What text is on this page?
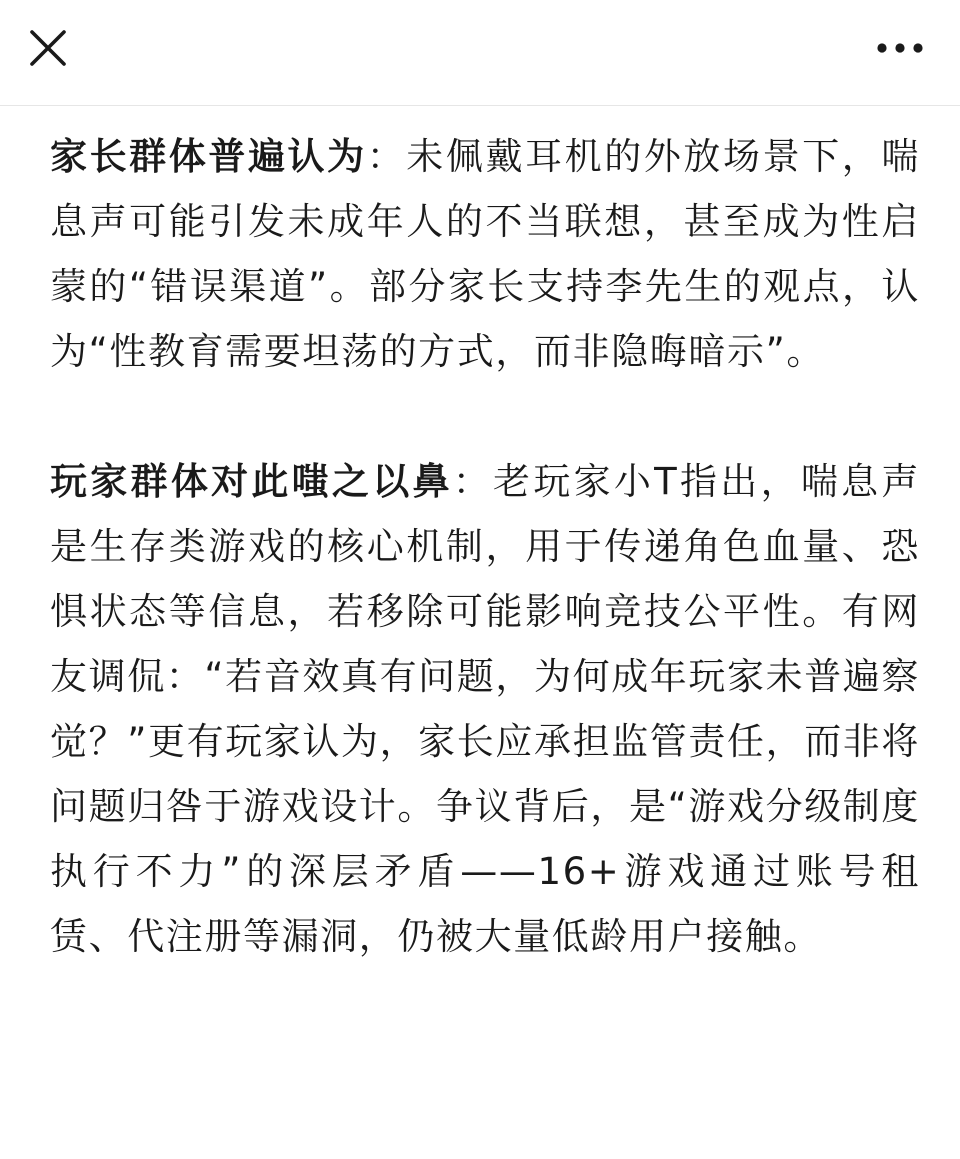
家长群体普遍认为：未佩戴耳机的外放场景下，喘息声可能引发未成年人的不当联想，甚至成为性启蒙的“错误渠道”。部分家长支持李先生的观点，认为“性教育需要坦荡的方式，而非隐晦暗示”。

玩家群体对此嗤之以鼻：老玩家小T指出，喘息声是生存类游戏的核心机制，用于传递角色血量、恐惧状态等信息，若移除可能影响竞技公平性。有网友调侃：“若音效真有问题，为何成年玩家未普遍察觉？”更有玩家认为，家长应承担监管责任，而非将问题归咎于游戏设计。争议背后，是“游戏分级制度执行不力”的深层矛盾——16+游戏通过账号租赁、代注册等漏洞，仍被大量低龄用户接触。
